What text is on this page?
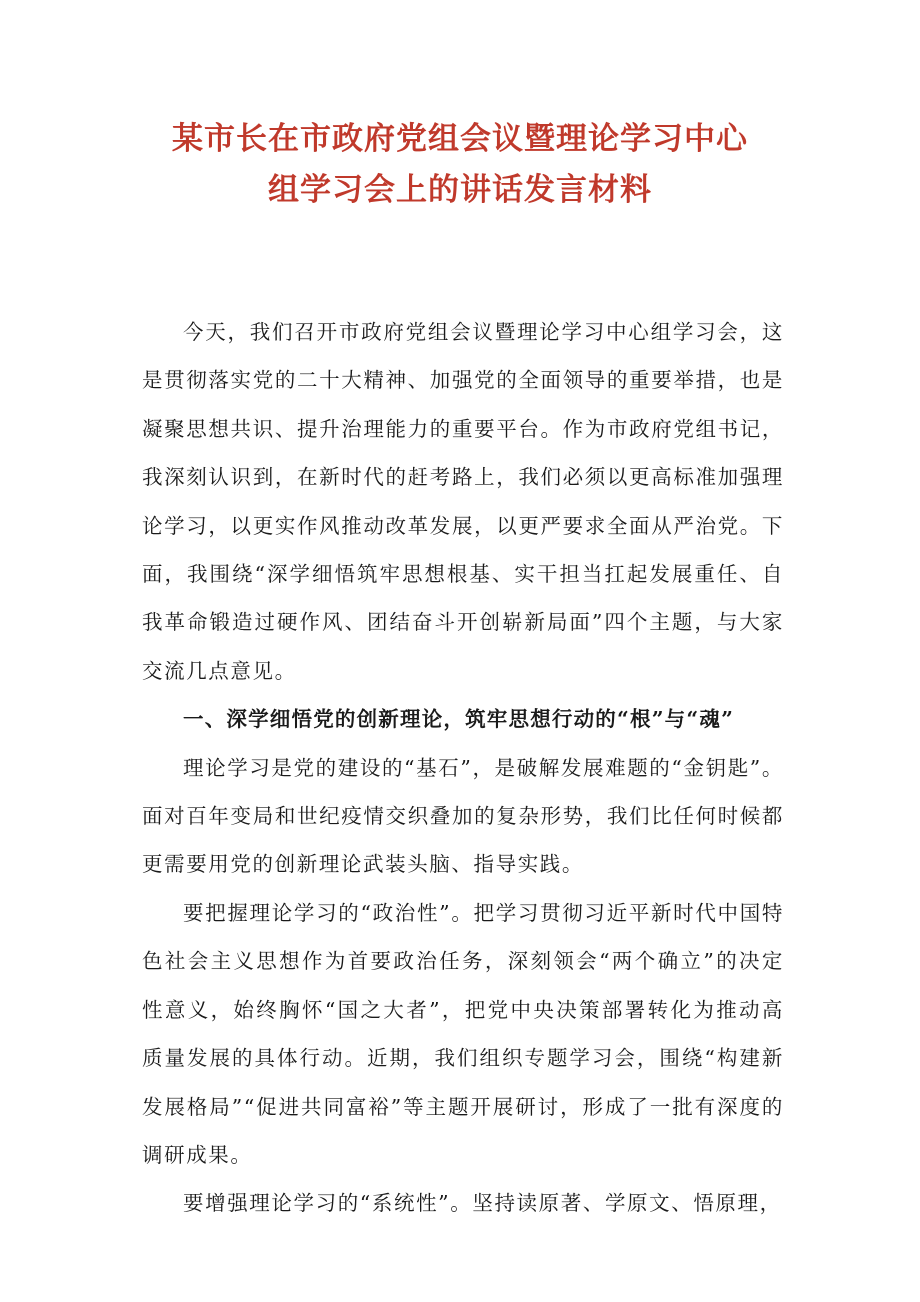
某市长在市政府党组会议暨理论学习中心
组学习会上的讲话发言材料

今天，我们召开市政府党组会议暨理论学习中心组学习会，这是贯彻落实党的二十大精神、加强党的全面领导的重要举措，也是凝聚思想共识、提升治理能力的重要平台。作为市政府党组书记，我深刻认识到，在新时代的赶考路上，我们必须以更高标准加强理论学习，以更实作风推动改革发展，以更严要求全面从严治党。下面，我围绕“深学细悟筑牢思想根基、实干担当扛起发展重任、自我革命锻造过硬作风、团结奋斗开创崭新局面”四个主题，与大家交流几点意见。

一、深学细悟党的创新理论，筑牢思想行动的“根”与“魂”

理论学习是党的建设的“基石”，是破解发展难题的“金钥匙”。面对百年变局和世纪疫情交织叠加的复杂形势，我们比任何时候都更需要用党的创新理论武装头脑、指导实践。

要把握理论学习的“政治性”。把学习贯彻习近平新时代中国特色社会主义思想作为首要政治任务，深刻领会“两个确立”的决定性意义，始终胸怀“国之大者”，把党中央决策部署转化为推动高质量发展的具体行动。近期，我们组织专题学习会，围绕“构建新发展格局”“促进共同富裕”等主题开展研讨，形成了一批有深度的调研成果。

要增强理论学习的“系统性”。坚持读原著、学原文、悟原理，
